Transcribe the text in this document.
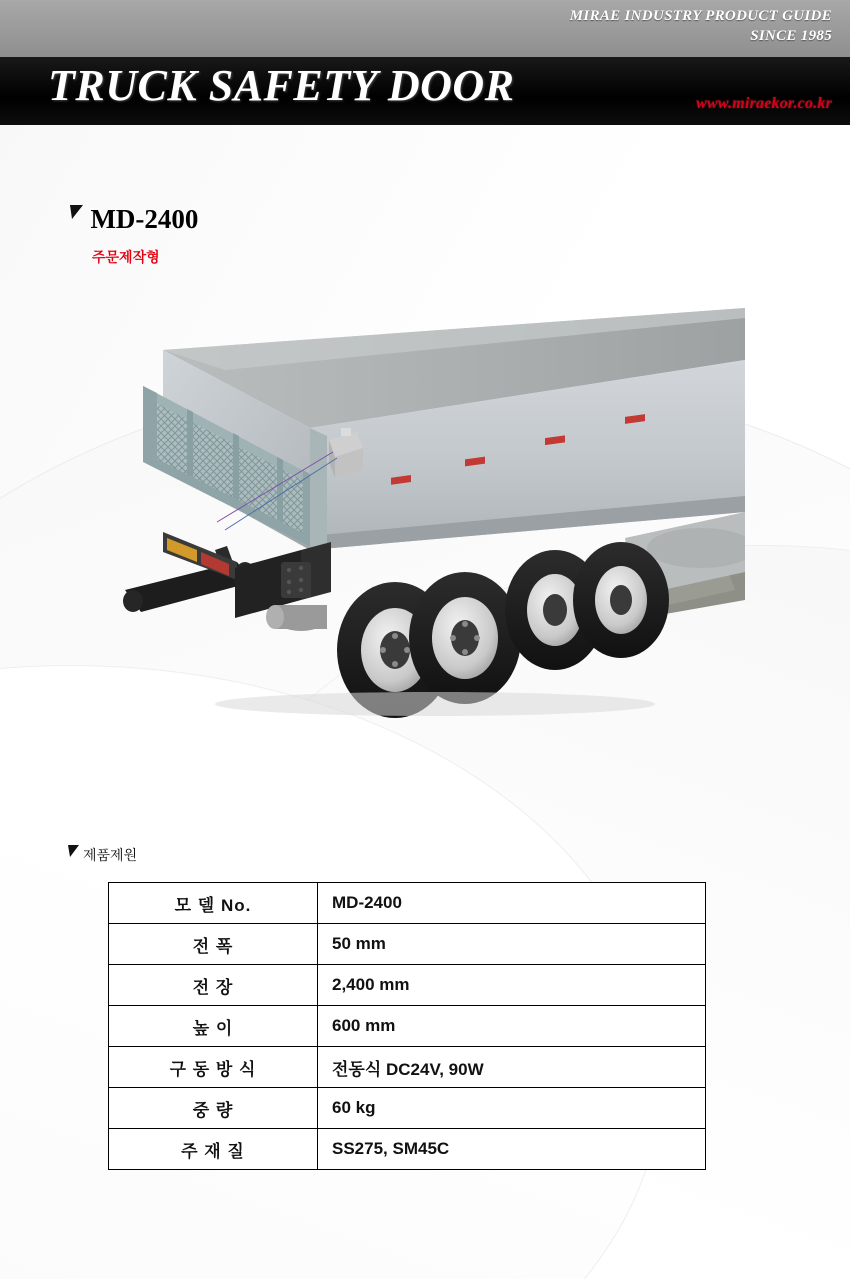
MIRAE INDUSTRY PRODUCT GUIDE
SINCE 1985
TRUCK SAFETY DOOR	www.miraekor.co.kr
MD-2400
주문제작형
제품제원
모 델 No.	MD-2400
전 폭	50 mm
전 장	2,400 mm
높 이	600 mm
구 동 방 식	전동식 DC24V, 90W
중 량	60 kg
주 재 질	SS275, SM45C
